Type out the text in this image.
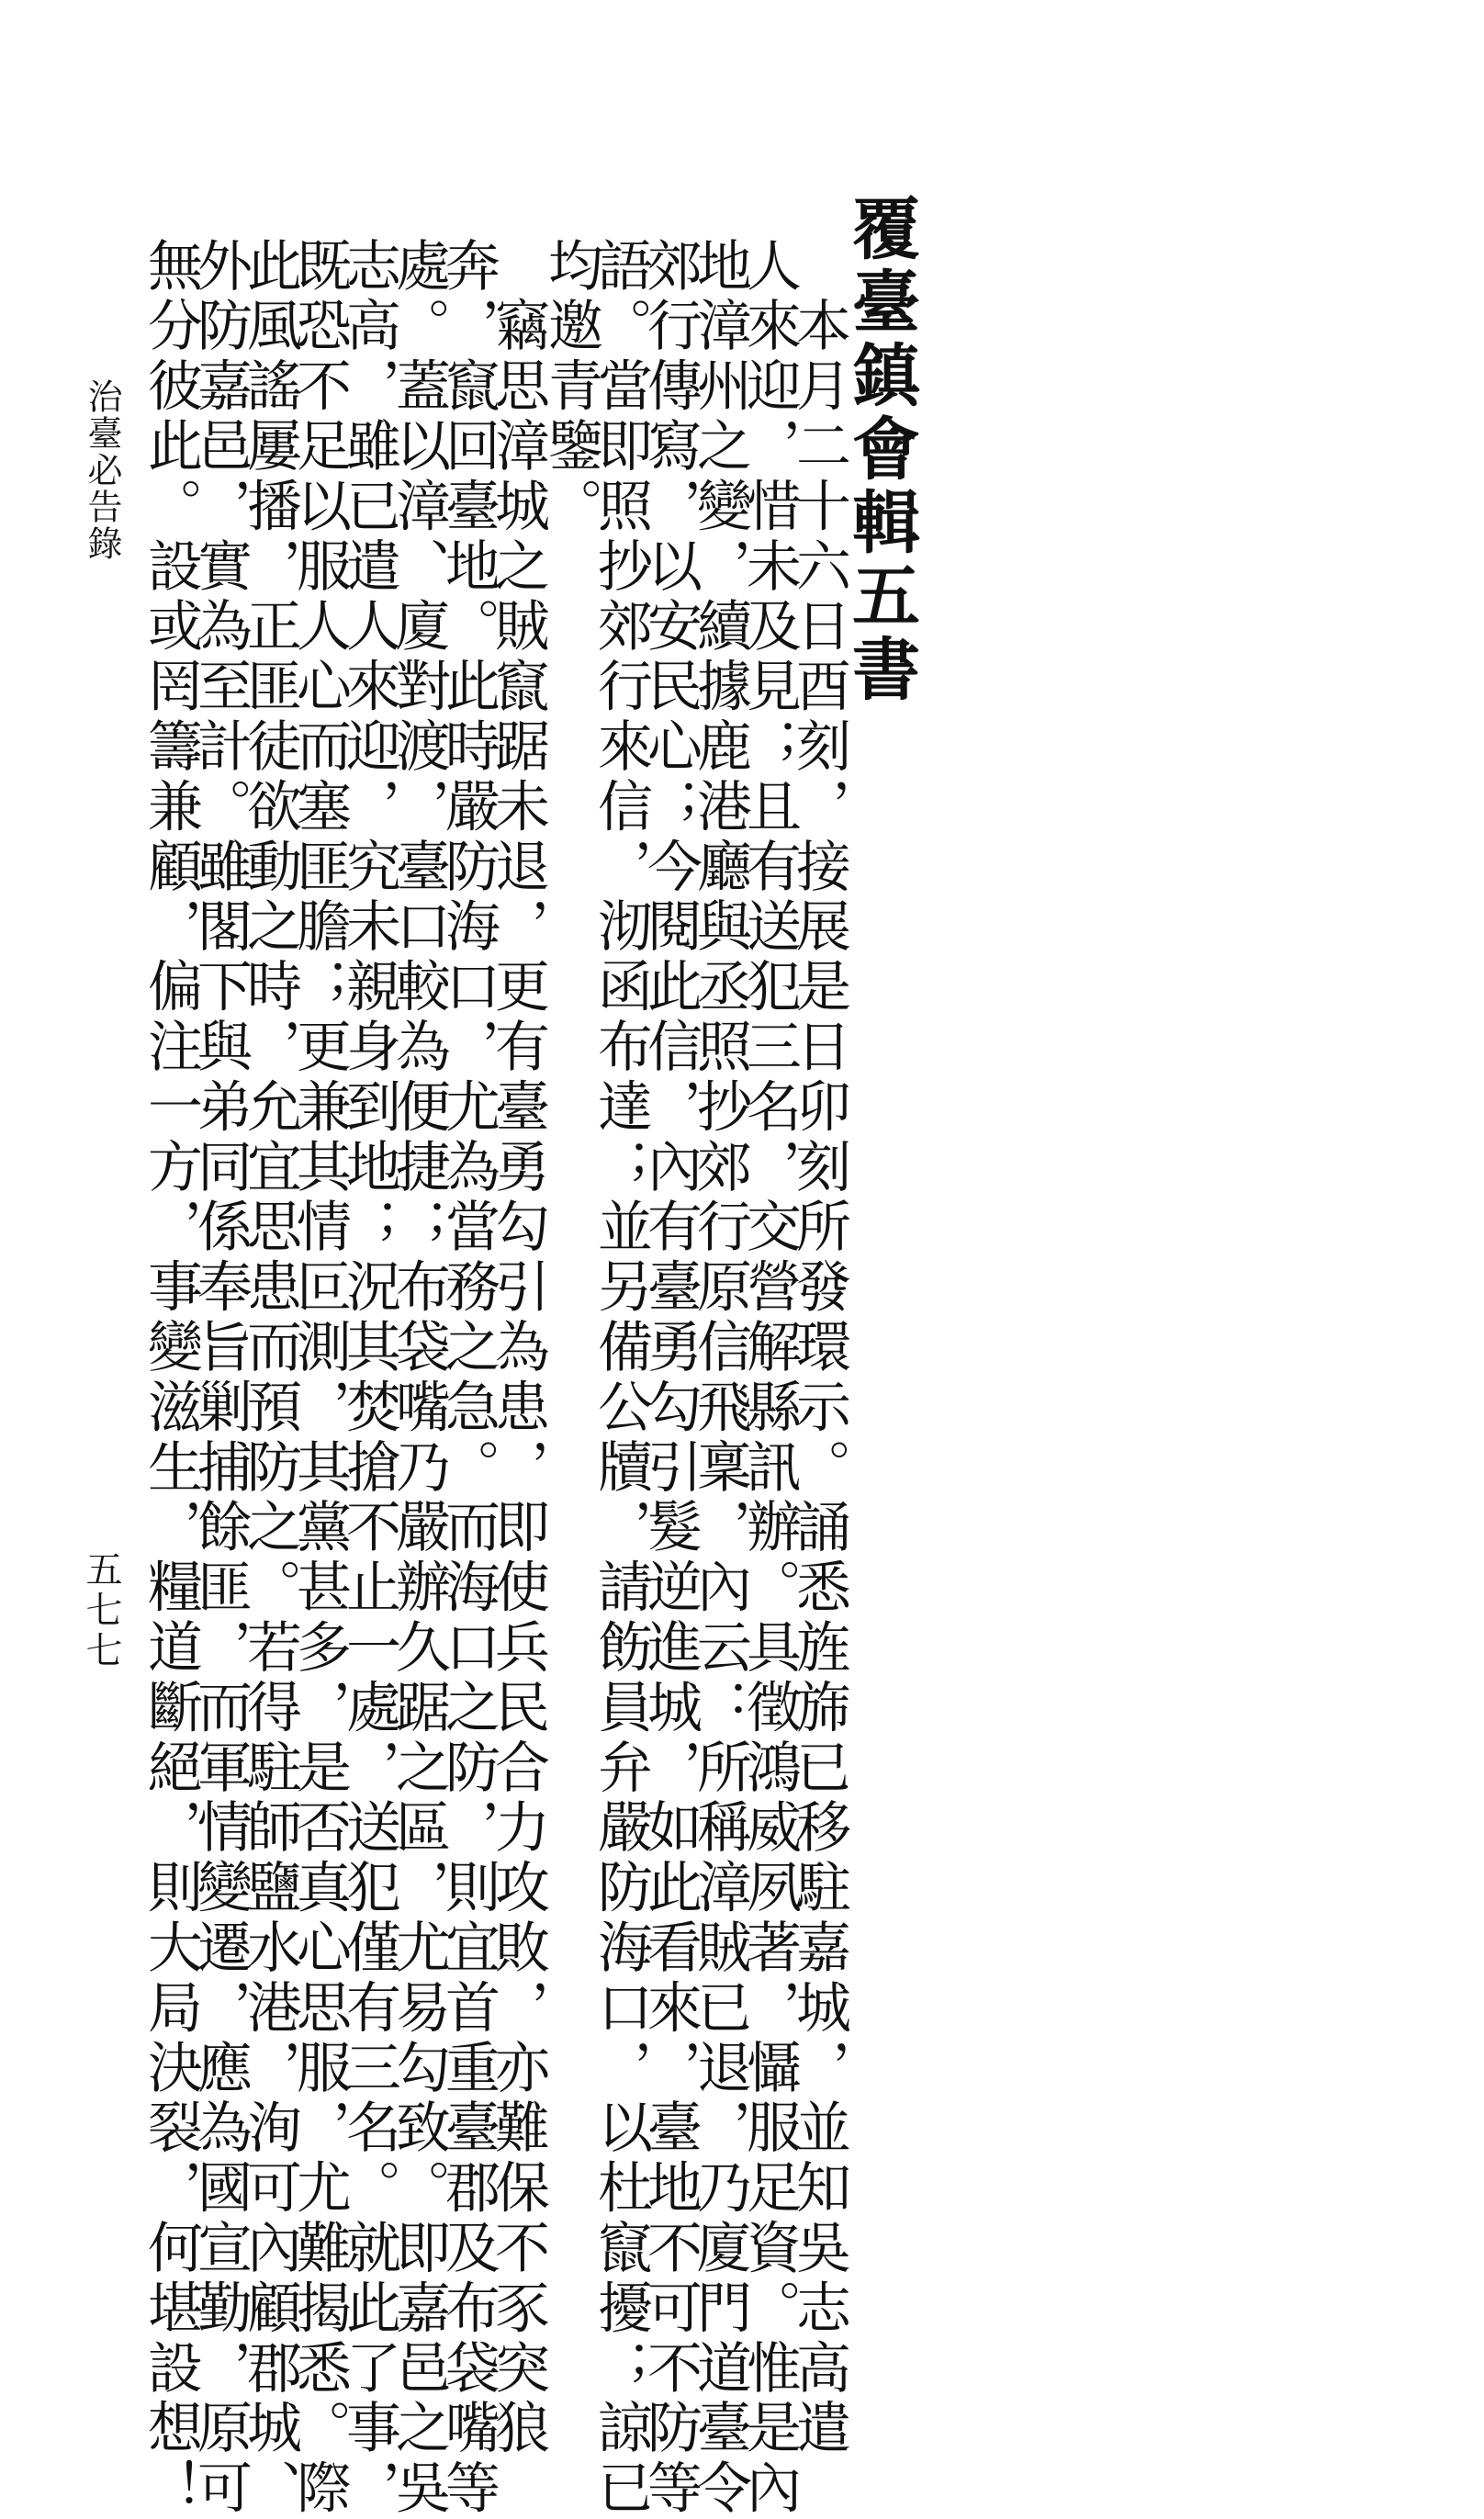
覆臺鎮會輯五書
　本月二十六日酉刻，接展是日卯刻所發環示。誦悉旌旆已移駐嘉城，並知吳志高遣
人來迎，惜未及見；且有送犯三名，交營解縣訊辦。具徵鴻威夙著，懾服足資。惟是內
地漳州之變，續據鹿港廳與丞照抄郊行原信飛稟，內云：所稱漳賊已退，乃廈門道臺令
郊行傳寫，以安民心；今閱此信，內有臺勇勾引髮逆進城，如此看來，臺地不可不防等
語。當即照抄郊行來信，沏函布達；並另備公牘，請飭員弁嚴防海口，以杜竄擾；諒已
均邀青鑒。
　竊思漳城之賊竄踞未退，更有臺勇勾引為患，即使兵民合力攻敗，亦難保不豕突狼
奔，竄回臺地。此時嚴防海口，尤為當務之急。而海口之防，則宜首重臺郡及布袋嘴等
處。蓋以漳、廈對渡，臺口較為便捷；布袋嘴乃嚴辦久踞之區，尤易勾致。即嘉邑之吳
志高，雖已遣人來迎，究未親身到地；況其焚搶不止一處，送犯僅有三名。就此了事，
既恐不足以服人心而塞匪膽；更兼其情叵測，其黨甚多，是否真心思服，尤難揭悉。際
此風謠屢播，正匪徒欲動之時，允宜思患而預防之。若得駐師鹽水港，洵可內顧郡城、
外防嘉邑，實為至計。雖閣下與弟同係奉旨剿捕餘匪，而軍情變遷，應為國宣勤，原可
無分彼此。設或罔籌兼顧，偏注一方，事變滋生，糧道斷絕，則大局決裂，何堪設想！
治臺必告錄
五七七
